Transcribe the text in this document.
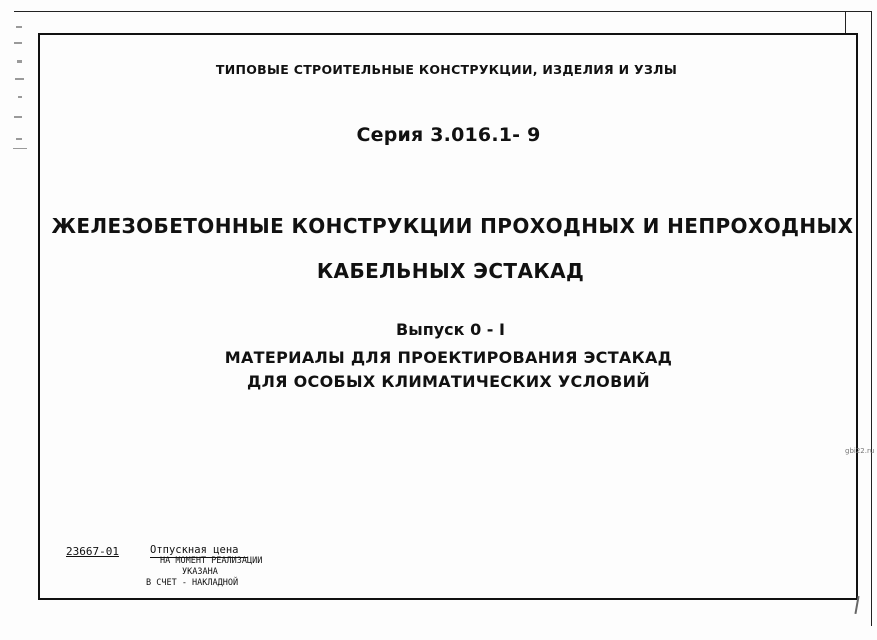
ТИПОВЫЕ СТРОИТЕЛЬНЫЕ КОНСТРУКЦИИ, ИЗДЕЛИЯ И УЗЛЫ
Серия 3.016.1- 9
ЖЕЛЕЗОБЕТОННЫЕ КОНСТРУКЦИИ ПРОХОДНЫХ И НЕПРОХОДНЫХ
КАБЕЛЬНЫХ ЭСТАКАД
Выпуск 0 - I
МАТЕРИАЛЫ ДЛЯ ПРОЕКТИРОВАНИЯ ЭСТАКАД
ДЛЯ ОСОБЫХ КЛИМАТИЧЕСКИХ УСЛОВИЙ

23667-01	Отпускная цена
НА МОМЕНТ РЕАЛИЗАЦИИ
УКАЗАНА
В СЧЕТ - НАКЛАДНОЙ

gbi22.ru
